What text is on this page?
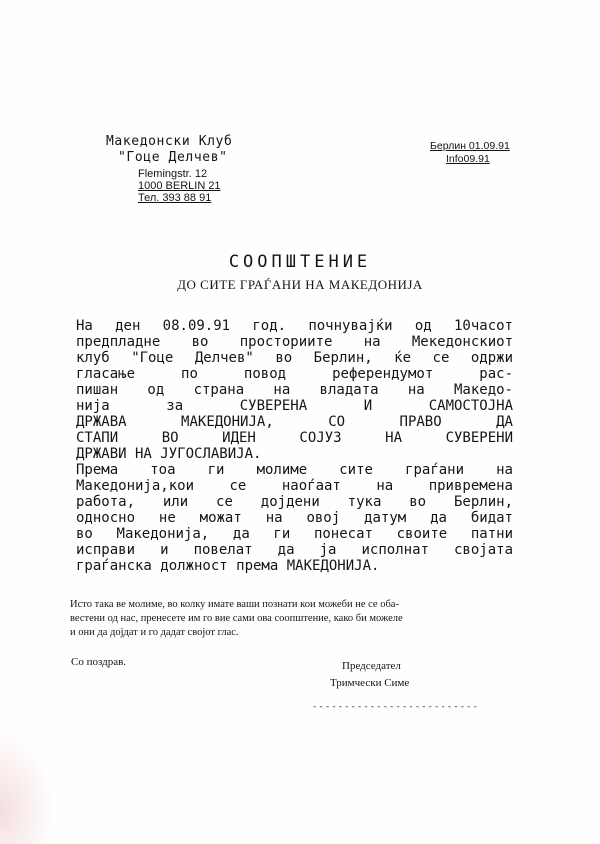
Македонски Клуб
"Гоце Делчев"
Flemingstr. 12
1000 BERLIN 21
Тел. 393 88 91
Берлин 01.09.91
Info09.91
СООПШТЕНИЕ
ДО СИТЕ ГРАЃАНИ НА МАКЕДОНИЈА
На ден 08.09.91 год. почнувајќи од 10часот
предпладне во просториите на Мекедонскиот
клуб "Гоце Делчев" во Берлин, ќе се одржи
гласање по повод референдумот рас-
пишан од страна на владата на Македо-
нија за СУВЕРЕНА И САМОСТОЈНА
ДРЖАВА МАКЕДОНИЈА, СО ПРАВО ДА
СТАПИ ВО ИДЕН СОЈУЗ НА СУВЕРЕНИ
ДРЖАВИ НА ЈУГОСЛАВИЈА.
Према тоа ги молиме сите граѓани на
Македонија,кои се наоѓаат на привремена
работа, или се дојдени тука во Берлин,
односно не можат на овој датум да бидат
во Македонија, да ги понесат своите патни
исправи и повелат да ја исполнат својата
граѓанска должност према МАКЕДОНИЈА.
Исто така ве молиме, во колку имате ваши познати кои можеби не се оба-
вестени од нас, пренесете им го вие сами ова соопштение, како би можеле
и они да дојдат и го дадат својот глас.
Со поздрав.	Председател
Тримчески Симе
--------------------------
